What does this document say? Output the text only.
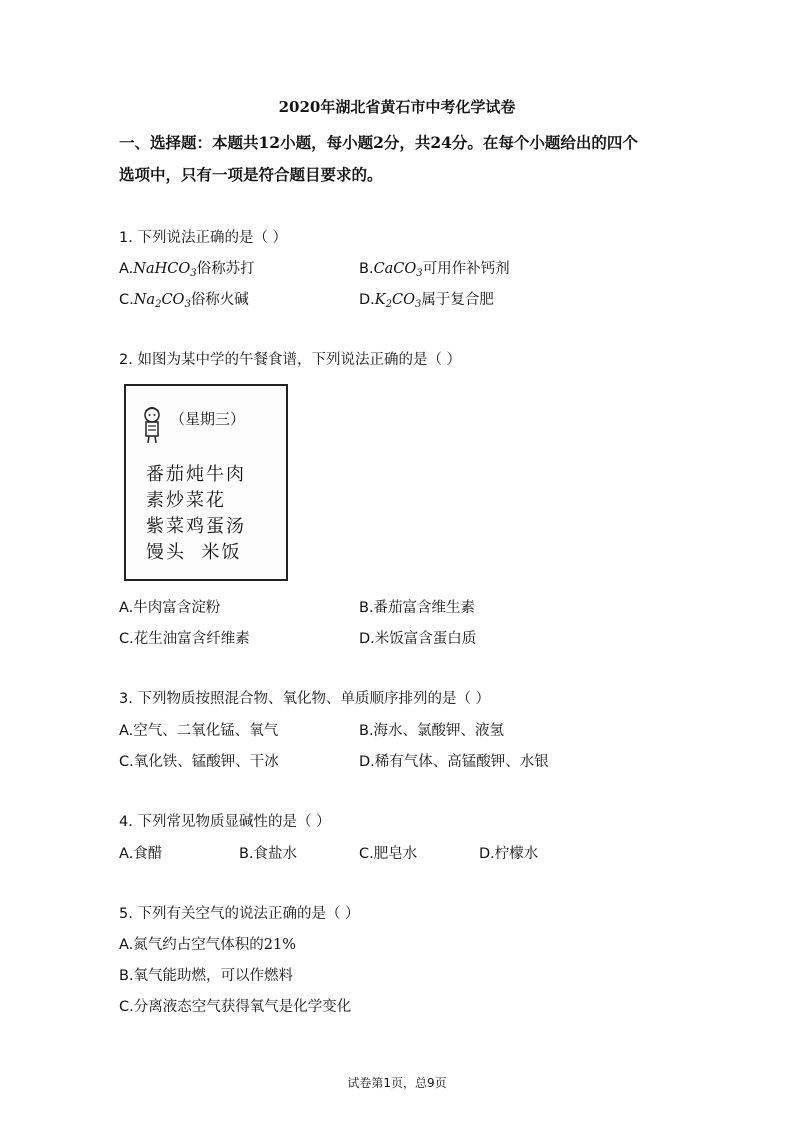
2020年湖北省黄石市中考化学试卷
一、选择题：本题共12小题，每小题2分，共24分。在每个小题给出的四个
选项中，只有一项是符合题目要求的。
1. 下列说法正确的是（ ）
A.NaHCO$_3$俗称苏打	B.CaCO$_3$可用作补钙剂
$C.Na_2CO_3$俗称火碱	$D.K_2CO_3$属于复合肥
2. 如图为某中学的午餐食谱，下列说法正确的是（ ）
（星期三）
番茄炖牛肉
素炒菜花
紫菜鸡蛋汤
馒头  米饭
A.牛肉富含淀粉	B.番茄富含维生素
C.花生油富含纤维素	D.米饭富含蛋白质
3. 下列物质按照混合物、氧化物、单质顺序排列的是（ ）
A.空气、二氧化锰、氧气	B.海水、氯酸钾、液氢
C.氧化铁、锰酸钾、干冰	D.稀有气体、高锰酸钾、水银
4. 下列常见物质显碱性的是（ ）
A.食醋	B.食盐水	C.肥皂水	D.柠檬水
5. 下列有关空气的说法正确的是（ ）
A.氮气约占空气体积的21%
B.氧气能助燃，可以作燃料
C.分离液态空气获得氧气是化学变化
试卷第1页，总9页
